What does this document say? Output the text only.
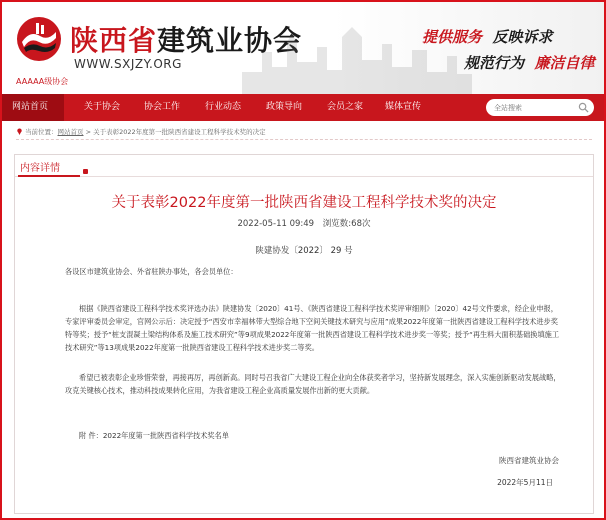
陕西省建筑业协会
WWW.SXJZY.ORG
AAAAA级协会
提供服务 反映诉求
规范行为 廉洁自律
网站首页	关于协会	协会工作	行业动态	政策导向	会员之家 媒体宣传
全站搜索
当前位置：网站首页 > 关于表彰2022年度第一批陕西省建设工程科学技术奖的决定
内容详情
关于表彰2022年度第一批陕西省建设工程科学技术奖的决定
2022-05-11 09:49 浏览数:68次
陕建协发〔2022〕 29 号
各设区市建筑业协会、外省驻陕办事处，各会员单位：
根据《陕西省建设工程科学技术奖评选办法》陕建协发〔2020〕41号、《陕西省建设工程科学技术奖评审细则》〔2020〕42号文件要求，经企业申报，专家评审委员会审定，官网公示后：决定授予“西安市幸福林带大型综合地下空间关键技术研究与应用”成果2022年度第一批陕西省建设工程科学技术进步奖特等奖；授予“桩支混凝土梁结构体系及施工技术研究”等9项成果2022年度第一批陕西省建设工程科学技术进步奖一等奖；授予“再生料大面积基础换填施工技术研究”等13项成果2022年度第一批陕西省建设工程科学技术进步奖二等奖。
希望已被表彰企业珍惜荣誉，再接再厉，再创新高。同时号召我省广大建设工程企业向全体获奖者学习，坚持新发展理念，深入实施创新驱动发展战略，攻克关键核心技术，推动科技成果转化应用，为我省建设工程企业高质量发展作出新的更大贡献。
附 件：2022年度第一批陕西省科学技术奖名单
陕西省建筑业协会
2022年5月11日
